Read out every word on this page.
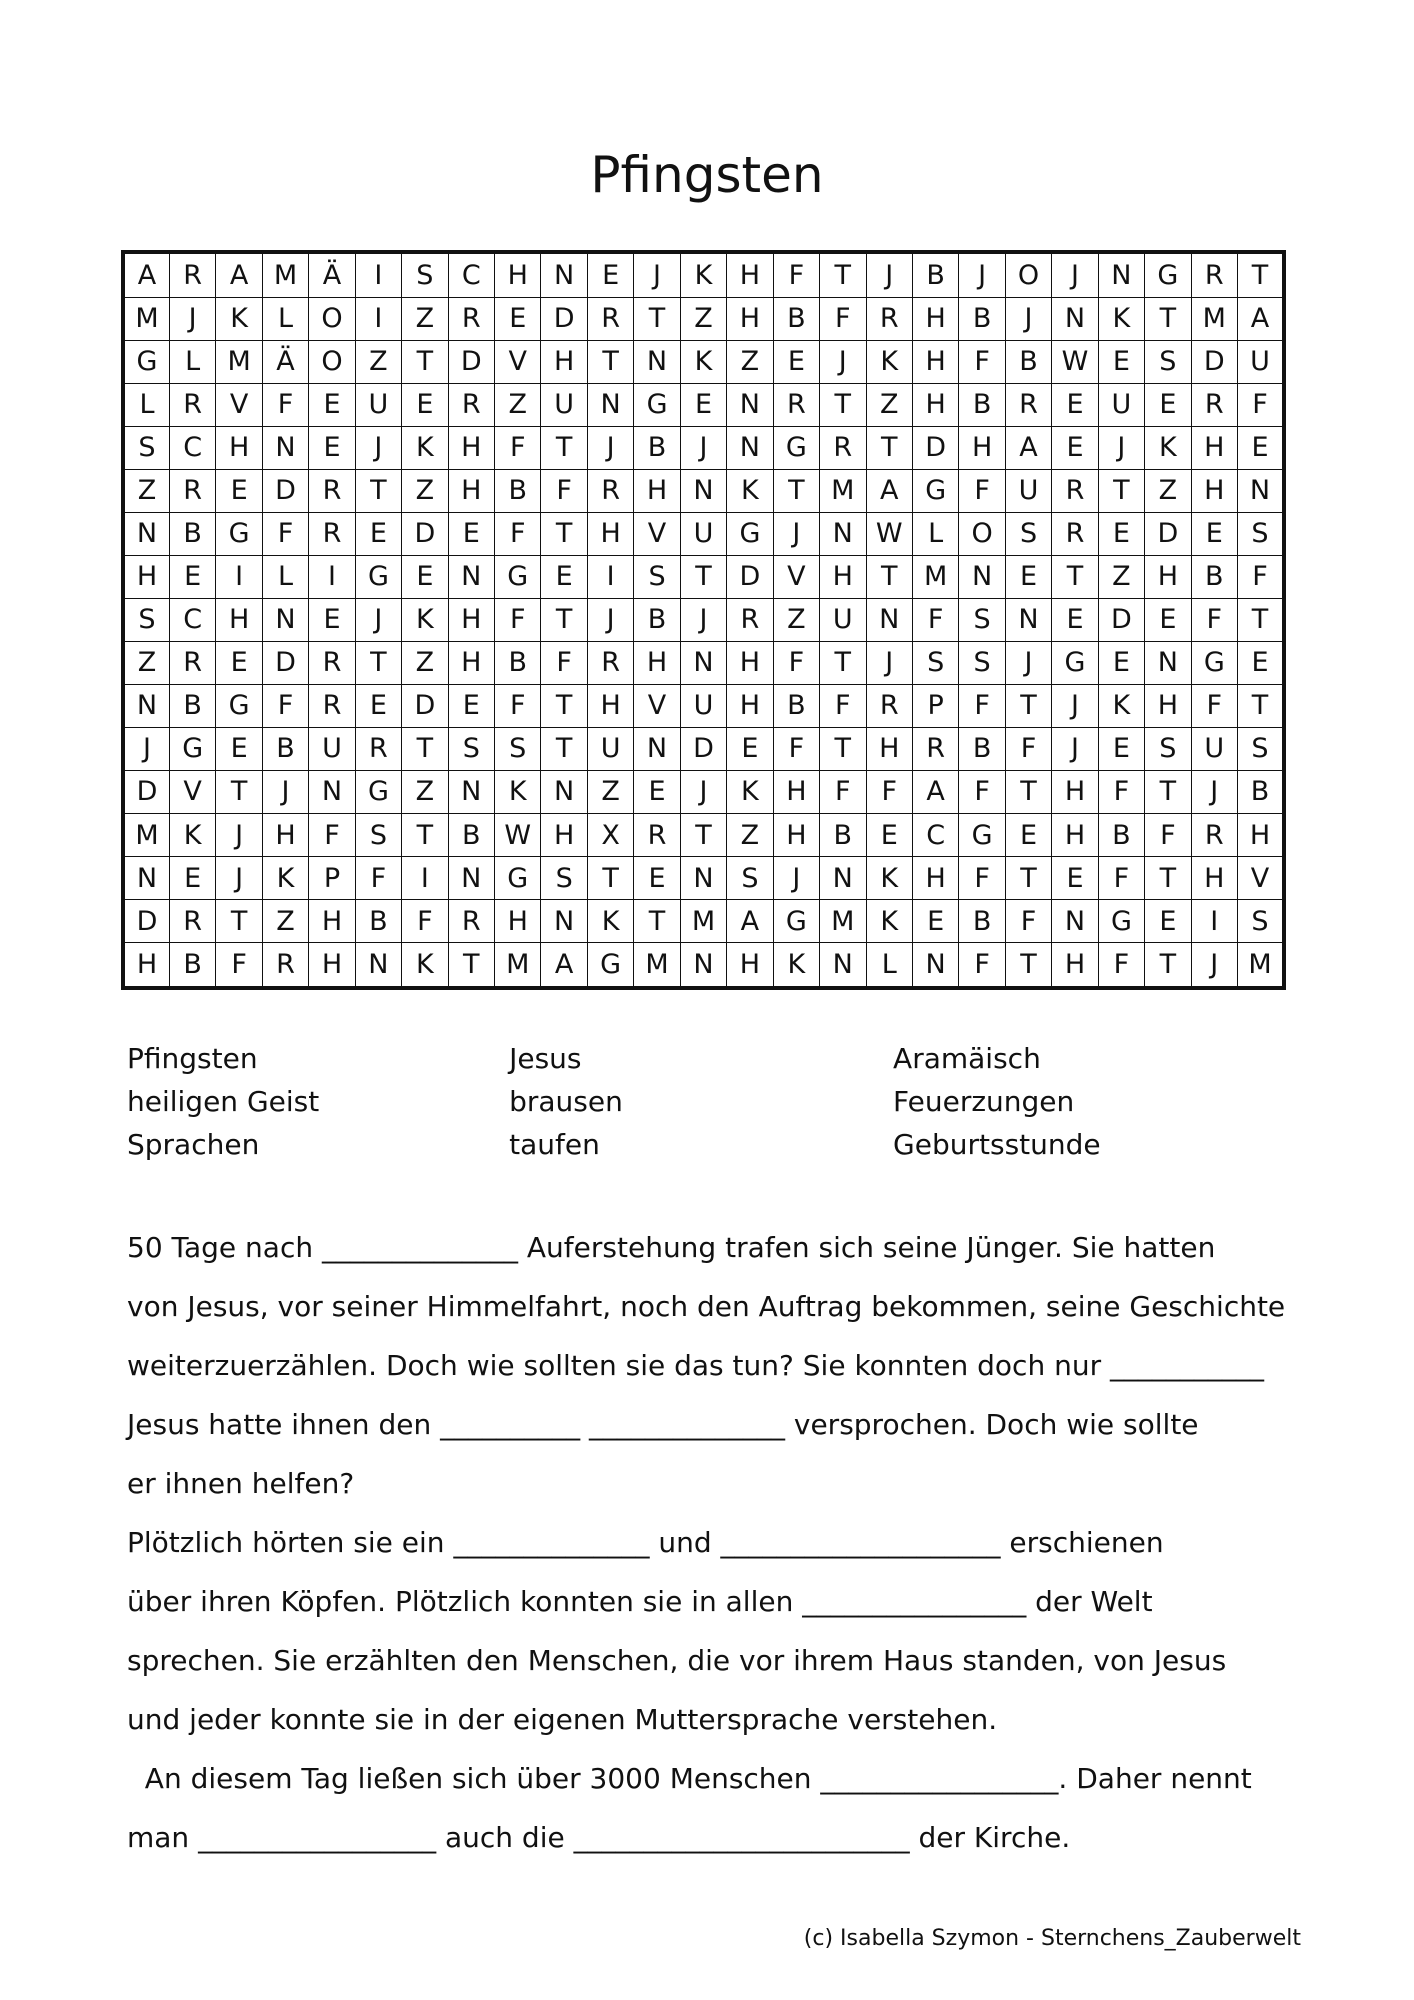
Pfingsten
A	R	A	M	Ä	I	S	C	H	N	E	J	K	H	F	T	J	B	J	O	J	N	G	R	T
M	J	K	L	O	I	Z	R	E	D	R	T	Z	H	B	F	R	H	B	J	N	K	T	M	A
G	L	M	Ä	O	Z	T	D	V	H	T	N	K	Z	E	J	K	H	F	B	W	E	S	D	U
L	R	V	F	E	U	E	R	Z	U	N	G	E	N	R	T	Z	H	B	R	E	U	E	R	F
S	C	H	N	E	J	K	H	F	T	J	B	J	N	G	R	T	D	H	A	E	J	K	H	E
Z	R	E	D	R	T	Z	H	B	F	R	H	N	K	T	M	A	G	F	U	R	T	Z	H	N
N	B	G	F	R	E	D	E	F	T	H	V	U	G	J	N	W	L	O	S	R	E	D	E	S
H	E	I	L	I	G	E	N	G	E	I	S	T	D	V	H	T	M	N	E	T	Z	H	B	F
S	C	H	N	E	J	K	H	F	T	J	B	J	R	Z	U	N	F	S	N	E	D	E	F	T
Z	R	E	D	R	T	Z	H	B	F	R	H	N	H	F	T	J	S	S	J	G	E	N	G	E
N	B	G	F	R	E	D	E	F	T	H	V	U	H	B	F	R	P	F	T	J	K	H	F	T
J	G	E	B	U	R	T	S	S	T	U	N	D	E	F	T	H	R	B	F	J	E	S	U	S
D	V	T	J	N	G	Z	N	K	N	Z	E	J	K	H	F	F	A	F	T	H	F	T	J	B
M	K	J	H	F	S	T	B	W	H	X	R	T	Z	H	B	E	C	G	E	H	B	F	R	H
N	E	J	K	P	F	I	N	G	S	T	E	N	S	J	N	K	H	F	T	E	F	T	H	V
D	R	T	Z	H	B	F	R	H	N	K	T	M	A	G	M	K	E	B	F	N	G	E	I	S
H	B	F	R	H	N	K	T	M	A	G	M	N	H	K	N	L	N	F	T	H	F	T	J	M
Pfingsten	Jesus	Aramäisch
heiligen Geist	brausen	Feuerzungen
Sprachen	taufen	Geburtsstunde

50 Tage nach ______________ Auferstehung trafen sich seine Jünger. Sie hatten

von Jesus, vor seiner Himmelfahrt, noch den Auftrag bekommen, seine Geschichte

weiterzuerzählen. Doch wie sollten sie das tun? Sie konnten doch nur ___________

Jesus hatte ihnen den __________ ______________ versprochen. Doch wie sollte

er ihnen helfen?

Plötzlich hörten sie ein ______________ und ____________________ erschienen

über ihren Köpfen. Plötzlich konnten sie in allen ________________ der Welt

sprechen. Sie erzählten den Menschen, die vor ihrem Haus standen, von Jesus

und jeder konnte sie in der eigenen Muttersprache verstehen.

An diesem Tag ließen sich über 3000 Menschen _________________. Daher nennt

man _________________ auch die ________________________ der Kirche.

(c) Isabella Szymon - Sternchens_Zauberwelt
